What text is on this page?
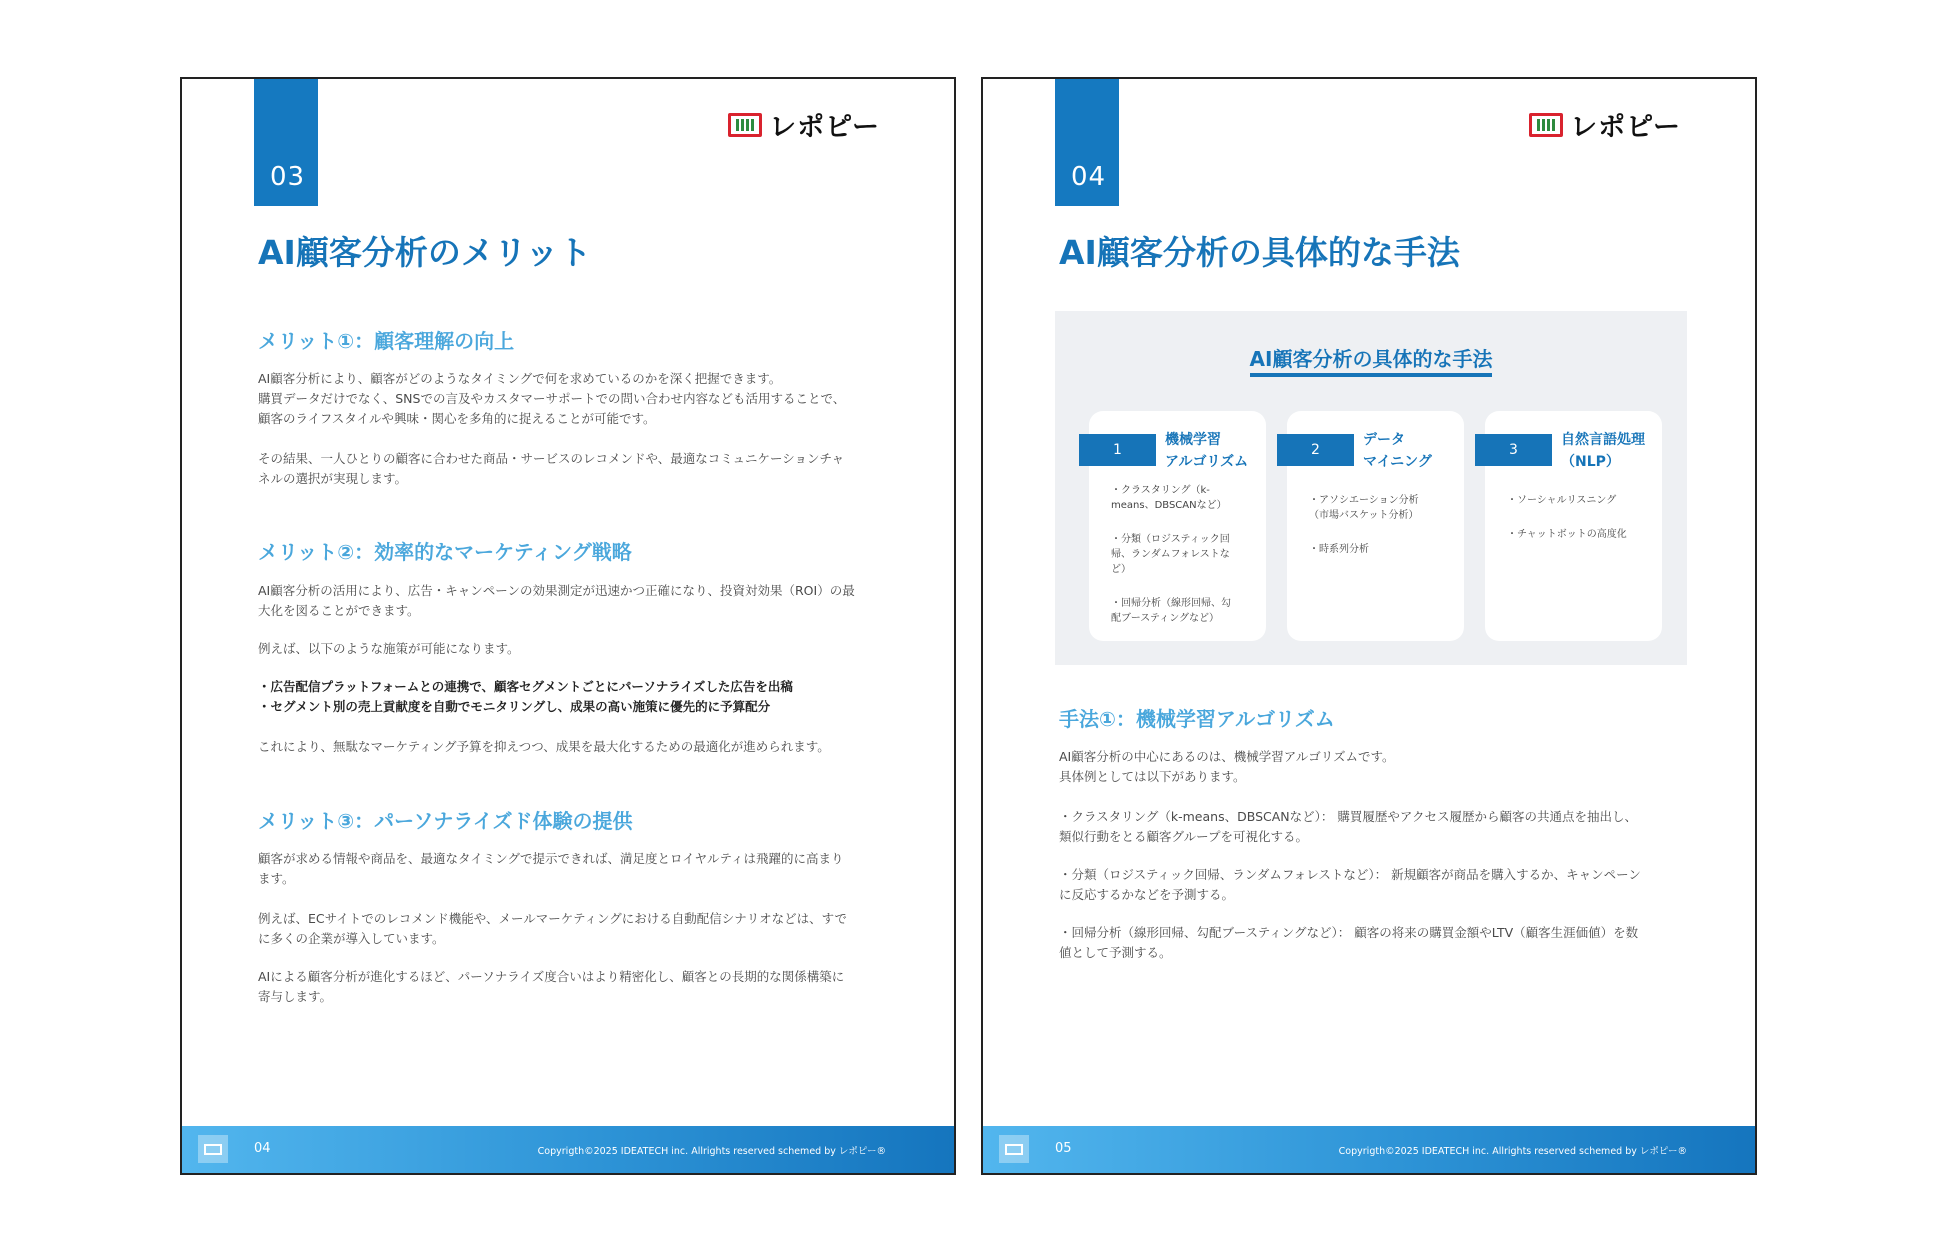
03
レポピー
AI顧客分析のメリット
メリット①：顧客理解の向上
AI顧客分析により、顧客がどのようなタイミングで何を求めているのかを深く把握できます。
購買データだけでなく、SNSでの言及やカスタマーサポートでの問い合わせ内容なども活用することで、
顧客のライフスタイルや興味・関心を多角的に捉えることが可能です。
その結果、一人ひとりの顧客に合わせた商品・サービスのレコメンドや、最適なコミュニケーションチャ
ネルの選択が実現します。
メリット②：効率的なマーケティング戦略
AI顧客分析の活用により、広告・キャンペーンの効果測定が迅速かつ正確になり、投資対効果（ROI）の最
大化を図ることができます。
例えば、以下のような施策が可能になります。
・広告配信プラットフォームとの連携で、顧客セグメントごとにパーソナライズした広告を出稿
・セグメント別の売上貢献度を自動でモニタリングし、成果の高い施策に優先的に予算配分
これにより、無駄なマーケティング予算を抑えつつ、成果を最大化するための最適化が進められます。
メリット③：パーソナライズド体験の提供
顧客が求める情報や商品を、最適なタイミングで提示できれば、満足度とロイヤルティは飛躍的に高まり
ます。
例えば、ECサイトでのレコメンド機能や、メールマーケティングにおける自動配信シナリオなどは、すで
に多くの企業が導入しています。
AIによる顧客分析が進化するほど、パーソナライズ度合いはより精密化し、顧客との長期的な関係構築に
寄与します。
04	Copyrigth©2025 IDEATECH inc. Allrights reserved schemed by レポピー®
04
レポピー
AI顧客分析の具体的な手法
AI顧客分析の具体的な手法
1
機械学習
アルゴリズム
・クラスタリング（k-
means、DBSCANなど）
・分類（ロジスティック回
帰、ランダムフォレストな
ど）
・回帰分析（線形回帰、勾
配ブースティングなど）
2
データ
マイニング
・アソシエーション分析
（市場バスケット分析）
・時系列分析
3
自然言語処理
（NLP）
・ソーシャルリスニング
・チャットボットの高度化
手法①：機械学習アルゴリズム
AI顧客分析の中心にあるのは、機械学習アルゴリズムです。
具体例としては以下があります。
・クラスタリング（k-means、DBSCANなど）： 購買履歴やアクセス履歴から顧客の共通点を抽出し、
類似行動をとる顧客グループを可視化する。
・分類（ロジスティック回帰、ランダムフォレストなど）： 新規顧客が商品を購入するか、キャンペーン
に反応するかなどを予測する。
・回帰分析（線形回帰、勾配ブースティングなど）： 顧客の将来の購買金額やLTV（顧客生涯価値）を数
値として予測する。
05	Copyrigth©2025 IDEATECH inc. Allrights reserved schemed by レポピー®
